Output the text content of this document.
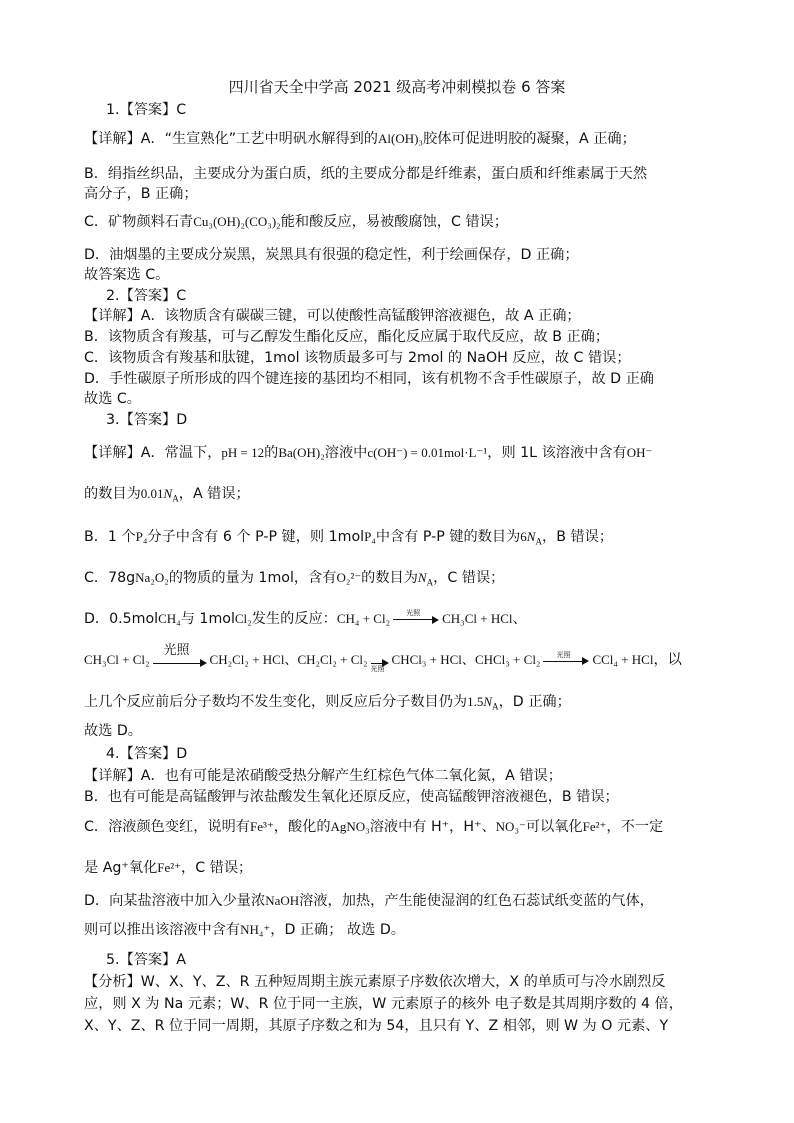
四川省天全中学高 2021 级高考冲刺模拟卷 6 答案
1.【答案】C
【详解】A．“生宣熟化”工艺中明矾水解得到的Al(OH)₃胶体可促进明胶的凝聚，A 正确；
B．绢指丝织品，主要成分为蛋白质，纸的主要成分都是纤维素，蛋白质和纤维素属于天然
高分子，B 正确；
C．矿物颜料石青Cu₃(OH)₂(CO₃)₂能和酸反应，易被酸腐蚀，C 错误；
D．油烟墨的主要成分炭黑，炭黑具有很强的稳定性，利于绘画保存，D 正确；
故答案选 C。
2.【答案】C
【详解】A．该物质含有碳碳三键，可以使酸性高锰酸钾溶液褪色，故 A 正确；
B．该物质含有羧基，可与乙醇发生酯化反应，酯化反应属于取代反应，故 B 正确；
C．该物质含有羧基和肽键，1mol 该物质最多可与 2mol 的 NaOH 反应，故 C 错误；
D．手性碳原子所形成的四个键连接的基团均不相同，该有机物不含手性碳原子，故 D 正确
故选 C。
3.【答案】D
【详解】A．常温下，pH = 12的Ba(OH)₂溶液中c(OH⁻) = 0.01mol·L⁻¹，则 1L 该溶液中含有OH⁻
的数目为$0.01N_A$，A 错误；
B．1 个P₄分子中含有 6 个 P-P 键，则 1molP₄中含有 P-P 键的数目为$6N_A$，B 错误；
C．78gNa₂O₂的物质的量为 1mol，含有O₂²⁻的数目为$N_A$，C 错误；
D．0.5molCH₄与 1molCl₂发生的反应：CH₄ + Cl₂	光照	CH₃Cl + HCl、
CH₃Cl + Cl₂
光照
CH₂Cl₂ + HCl、CH₂Cl₂ + Cl₂
光照
CHCl₃ + HCl、CHCl₃ + Cl₂	光照	CCl₄ + HCl，以
上几个反应前后分子数均不发生变化，则反应后分子数目仍为$1.5N_A$，D 正确；
故选 D。
4.【答案】D
【详解】A．也有可能是浓硝酸受热分解产生红棕色气体二氧化氮，A 错误；
B．也有可能是高锰酸钾与浓盐酸发生氧化还原反应，使高锰酸钾溶液褪色，B 错误；
C．溶液颜色变红，说明有Fe³⁺，酸化的AgNO₃溶液中有 H⁺，H⁺、NO₃⁻可以氧化Fe²⁺，不一定
是 Ag⁺氧化Fe²⁺，C 错误；
D．向某盐溶液中加入少量浓NaOH溶液，加热，产生能使湿润的红色石蕊试纸变蓝的气体，
则可以推出该溶液中含有NH₄⁺，D 正确； 故选 D。
5.【答案】A
【分析】W、X、Y、Z、R 五种短周期主族元素原子序数依次增大，X 的单质可与冷水剧烈反
应，则 X 为 Na 元素；W、R 位于同一主族，W 元素原子的核外 电子数是其周期序数的 4 倍，
X、Y、Z、R 位于同一周期，其原子序数之和为 54，且只有 Y、Z 相邻，则 W 为 O 元素、Y
